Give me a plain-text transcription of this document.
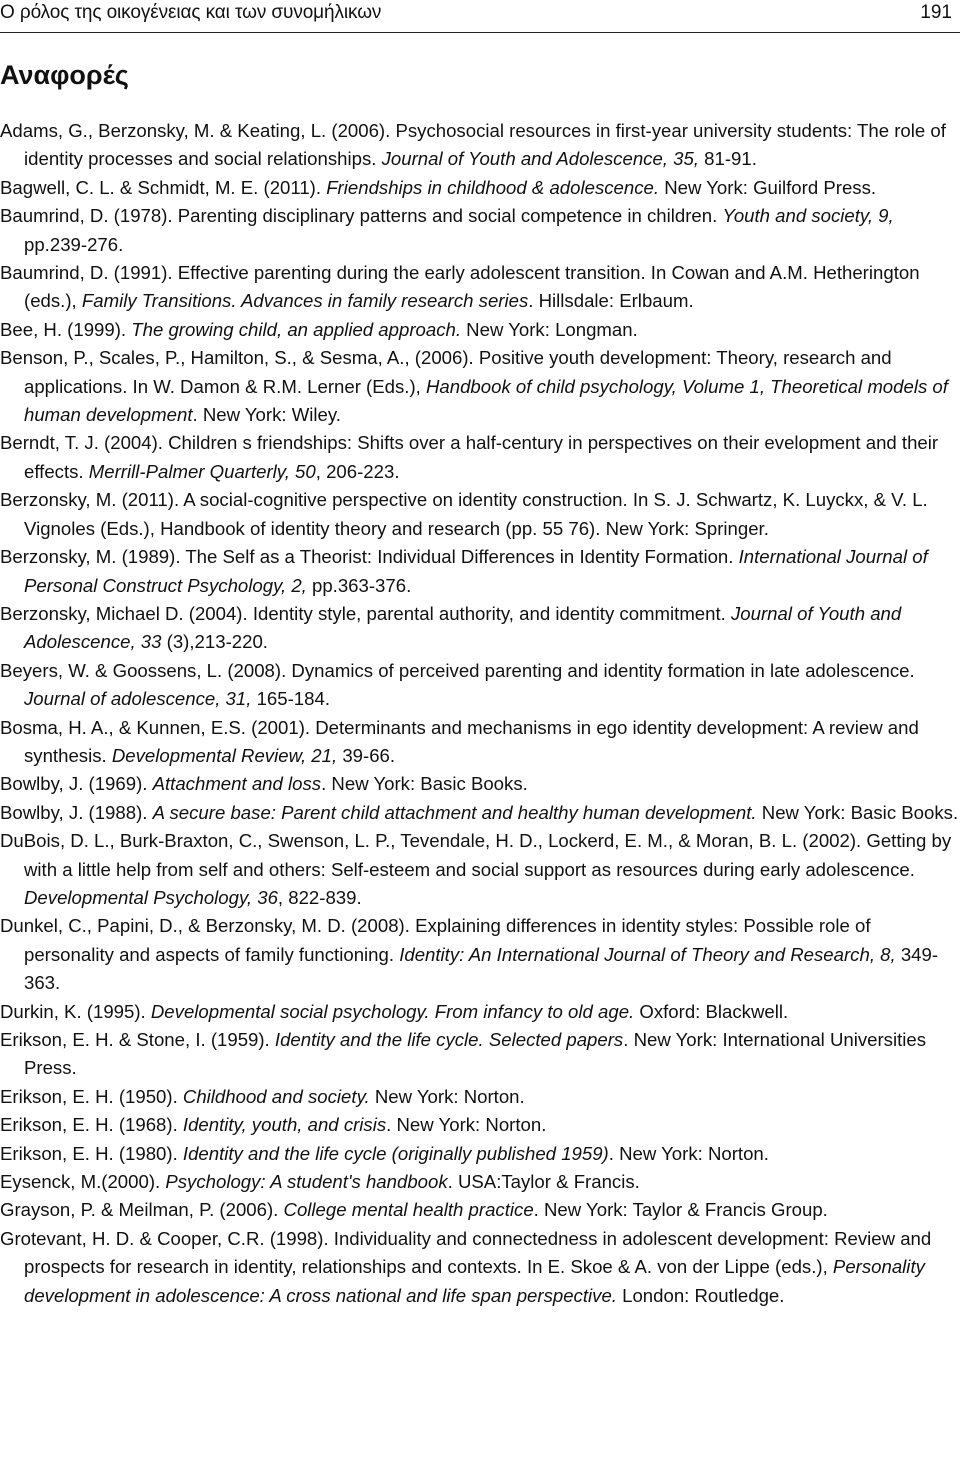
Ο ρόλος της οικογένειας και των συνομήλικων	191
Αναφορές

Adams, G., Berzonsky, M. & Keating, L. (2006). Psychosocial resources in first-year university students: The role of identity processes and social relationships. Journal of Youth and Adolescence, 35, 81-91.

Bagwell, C. L. & Schmidt, M. E. (2011). Friendships in childhood & adolescence. New York: Guilford Press.

Baumrind, D. (1978). Parenting disciplinary patterns and social competence in children. Youth and society, 9, pp.239-276.

Baumrind, D. (1991). Effective parenting during the early adolescent transition. In Cowan and A.M. Hetherington (eds.), Family Transitions. Advances in family research series. Hillsdale: Erlbaum.

Bee, H. (1999). The growing child, an applied approach. New York: Longman.

Benson, P., Scales, P., Hamilton, S., & Sesma, A., (2006). Positive youth development: Theory, research and applications. In W. Damon & R.M. Lerner (Eds.), Handbook of child psychology, Volume 1, Theoretical models of human development. New York: Wiley.

Berndt, T. J. (2004). Children s friendships: Shifts over a half-century in perspectives on their evelopment and their effects. Merrill-Palmer Quarterly, 50, 206-223.

Berzonsky, M. (2011). A social-cognitive perspective on identity construction. In S. J. Schwartz, K. Luyckx, & V. L. Vignoles (Eds.), Handbook of identity theory and research (pp. 55 76). New York: Springer.

Berzonsky, M. (1989). The Self as a Theorist: Individual Differences in Identity Formation. International Journal of Personal Construct Psychology, 2, pp.363-376.

Berzonsky, Michael D. (2004). Identity style, parental authority, and identity commitment. Journal of Youth and Adolescence, 33 (3),213-220.

Beyers, W. & Goossens, L. (2008). Dynamics of perceived parenting and identity formation in late adolescence. Journal of adolescence, 31, 165-184.

Bosma, H. A., & Kunnen, E.S. (2001). Determinants and mechanisms in ego identity development: A review and synthesis. Developmental Review, 21, 39-66.

Bowlby, J. (1969). Attachment and loss. New York: Basic Books.

Bowlby, J. (1988). A secure base: Parent child attachment and healthy human development. New York: Basic Books.

DuBois, D. L., Burk-Braxton, C., Swenson, L. P., Tevendale, H. D., Lockerd, E. M., & Moran, B. L. (2002). Getting by with a little help from self and others: Self-esteem and social support as resources during early adolescence. Developmental Psychology, 36, 822-839.

Dunkel, C., Papini, D., & Berzonsky, M. D. (2008). Explaining differences in identity styles: Possible role of personality and aspects of family functioning. Identity: An International Journal of Theory and Research, 8, 349-363.

Durkin, K. (1995). Developmental social psychology. From infancy to old age. Oxford: Blackwell.

Erikson, E. H. & Stone, I. (1959). Identity and the life cycle. Selected papers. New York: International Universities Press.

Erikson, E. H. (1950). Childhood and society. New York: Norton.

Erikson, E. H. (1968). Identity, youth, and crisis. New York: Norton.

Erikson, E. H. (1980). Identity and the life cycle (originally published 1959). New York: Norton.

Eysenck, M.(2000). Psychology: A student's handbook. USA:Taylor & Francis.

Grayson, P. & Meilman, P. (2006). College mental health practice. New York: Taylor & Francis Group.

Grotevant, H. D. & Cooper, C.R. (1998). Individuality and connectedness in adolescent development: Review and prospects for research in identity, relationships and contexts. In E. Skoe & A. von der Lippe (eds.), Personality development in adolescence: A cross national and life span perspective. London: Routledge.
